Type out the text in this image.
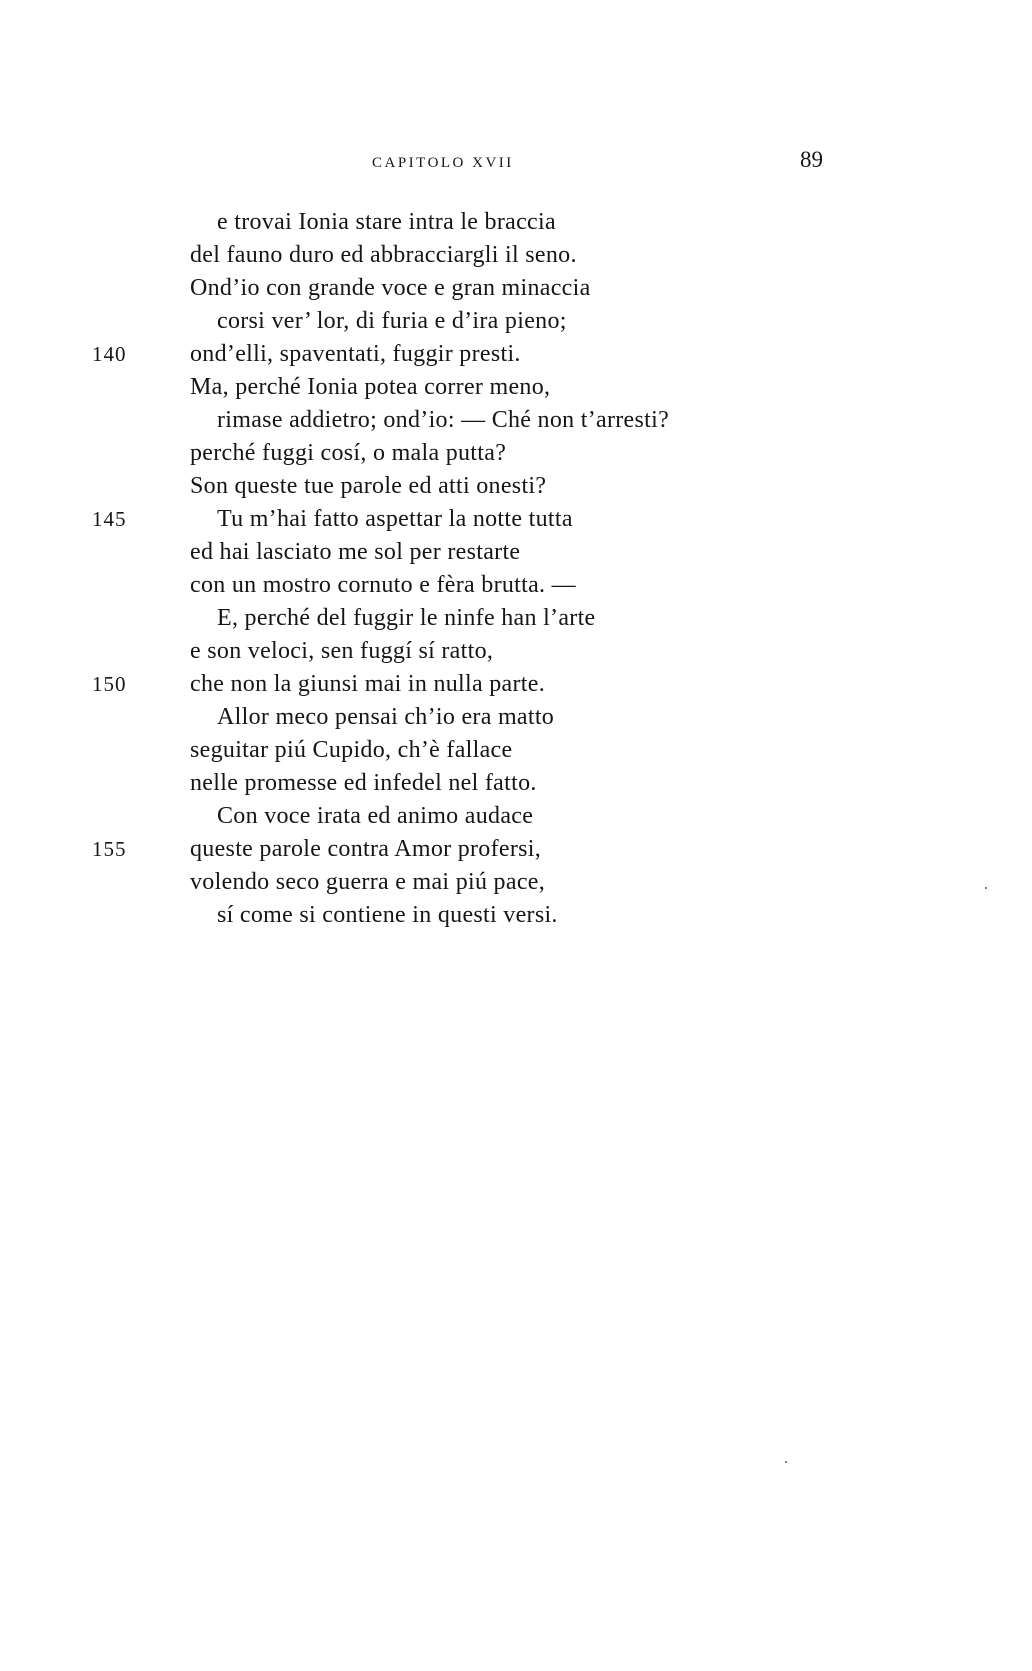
CAPITOLO XVII	89
e trovai Ionia stare intra le braccia
del fauno duro ed abbracciargli il seno.
Ond’io con grande voce e gran minaccia
corsi ver’ lor, di furia e d’ira pieno;
140	ond’elli, spaventati, fuggir presti.
Ma, perché Ionia potea correr meno,
rimase addietro; ond’io: — Ché non t’arresti?
perché fuggi cosí, o mala putta?
Son queste tue parole ed atti onesti?
145	Tu m’hai fatto aspettar la notte tutta
ed hai lasciato me sol per restarte
con un mostro cornuto e fèra brutta. —
E, perché del fuggir le ninfe han l’arte
e son veloci, sen fuggí sí ratto,
150	che non la giunsi mai in nulla parte.
Allor meco pensai ch’io era matto
seguitar piú Cupido, ch’è fallace
nelle promesse ed infedel nel fatto.
Con voce irata ed animo audace
155	queste parole contra Amor profersi,
volendo seco guerra e mai piú pace,
sí come si contiene in questi versi.
